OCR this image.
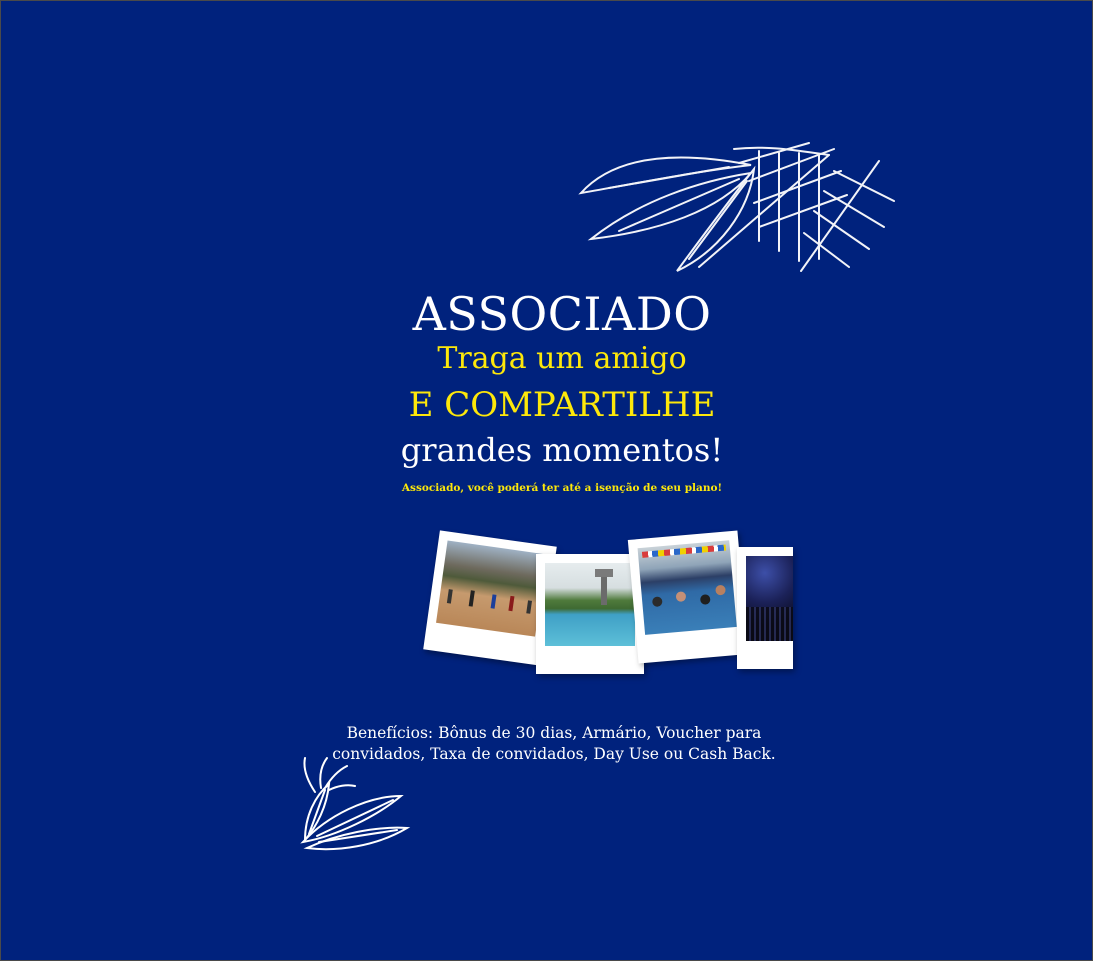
ASSOCIADO

Traga um amigo

E COMPARTILHE

grandes momentos!

Associado, você poderá ter até a isenção de seu plano!

Benefícios: Bônus de 30 dias, Armário, Voucher para convidados, Taxa de convidados, Day Use ou Cash Back.
